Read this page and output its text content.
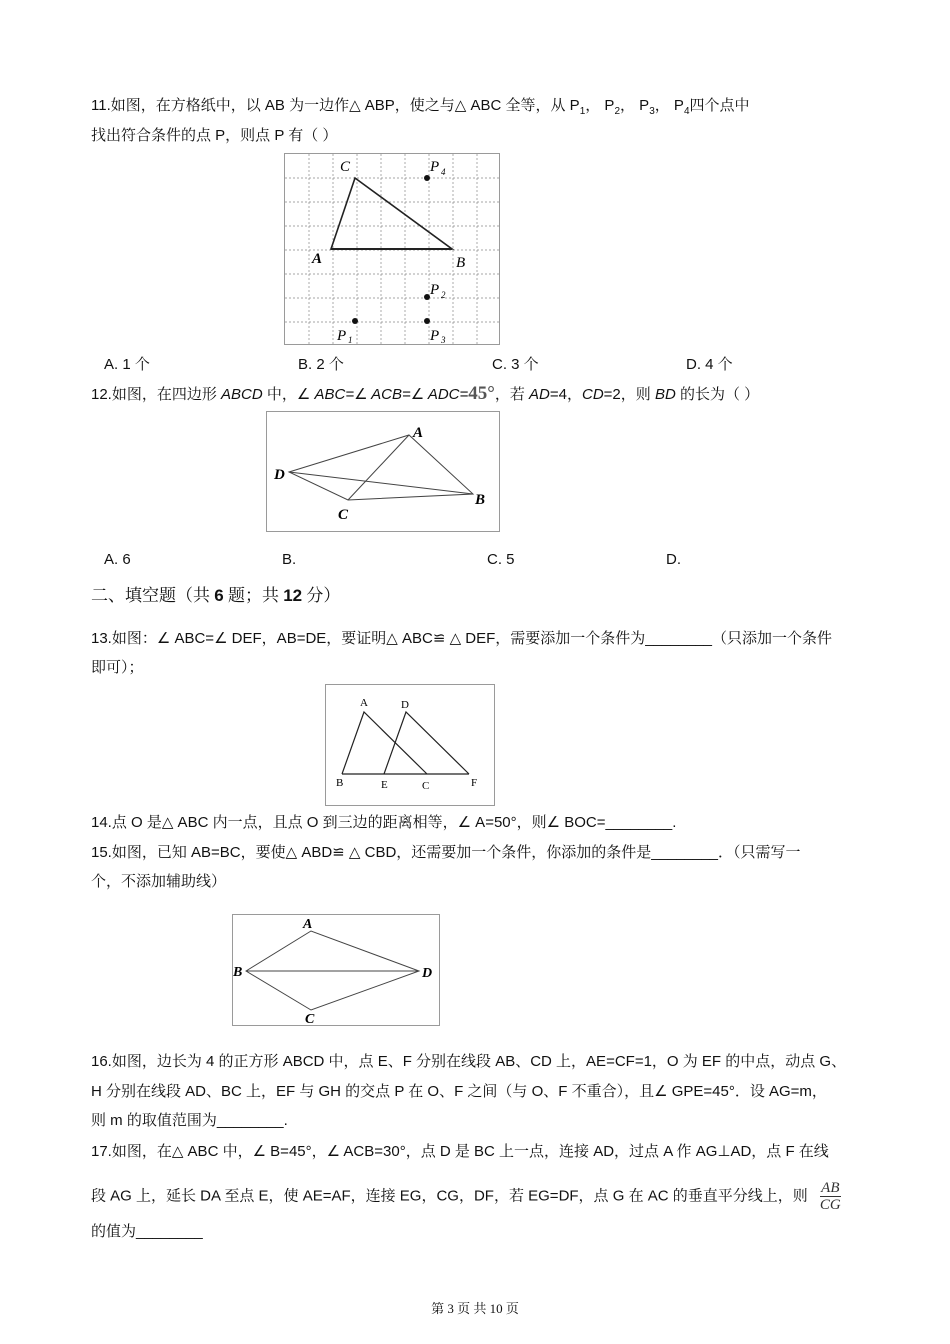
11.如图，在方格纸中，以 AB 为一边作△ ABP，使之与△ ABC 全等，从 $P_1$， $P_2$， $P_3$， $P_4$四个点中
找出符合条件的点 P，则点 P 有（ ）
C
A	B
P 4
P 2
P 1	P 3
A. 1 个	B. 2 个	C. 3 个	D. 4 个
12.如图，在四边形 ABCD 中，∠ ABC=∠ ACB=∠ ADC=45°，若 AD=4，CD=2，则 BD 的长为（ ）
A
D
B
C
A. 6	B.	C. 5	D.
二、填空题（共 6 题；共 12 分）
13.如图：∠ ABC=∠ DEF，AB=DE，要证明△ ABC≌ △ DEF，需要添加一个条件为________（只添加一个条件
即可）；
A	D
B	E	C	F
14.点 O 是△ ABC 内一点，且点 O 到三边的距离相等，∠ A=50°，则∠ BOC=________.
15.如图，已知 AB=BC，要使△ ABD≌ △ CBD，还需要加一个条件，你添加的条件是________．（只需写一
个，不添加辅助线）
A
B	D
C
16.如图，边长为 4 的正方形 ABCD 中，点 E、F 分别在线段 AB、CD 上，AE=CF=1，O 为 EF 的中点，动点 G、
H 分别在线段 AD、BC 上，EF 与 GH 的交点 P 在 O、F 之间（与 O、F 不重合），且∠ GPE=45°．设 AG=m，
则 m 的取值范围为________.
17.如图，在△ ABC 中，∠ B=45°，∠ ACB=30°，点 D 是 BC 上一点，连接 AD，过点 A 作 AG⊥AD，点 F 在线
段 AG 上，延长 DA 至点 E，使 AE=AF，连接 EG，CG，DF，若 EG=DF，点 G 在 AC 的垂直平分线上，则 $\frac{AB}{CG}$
的值为________
第 3 页 共 10 页
